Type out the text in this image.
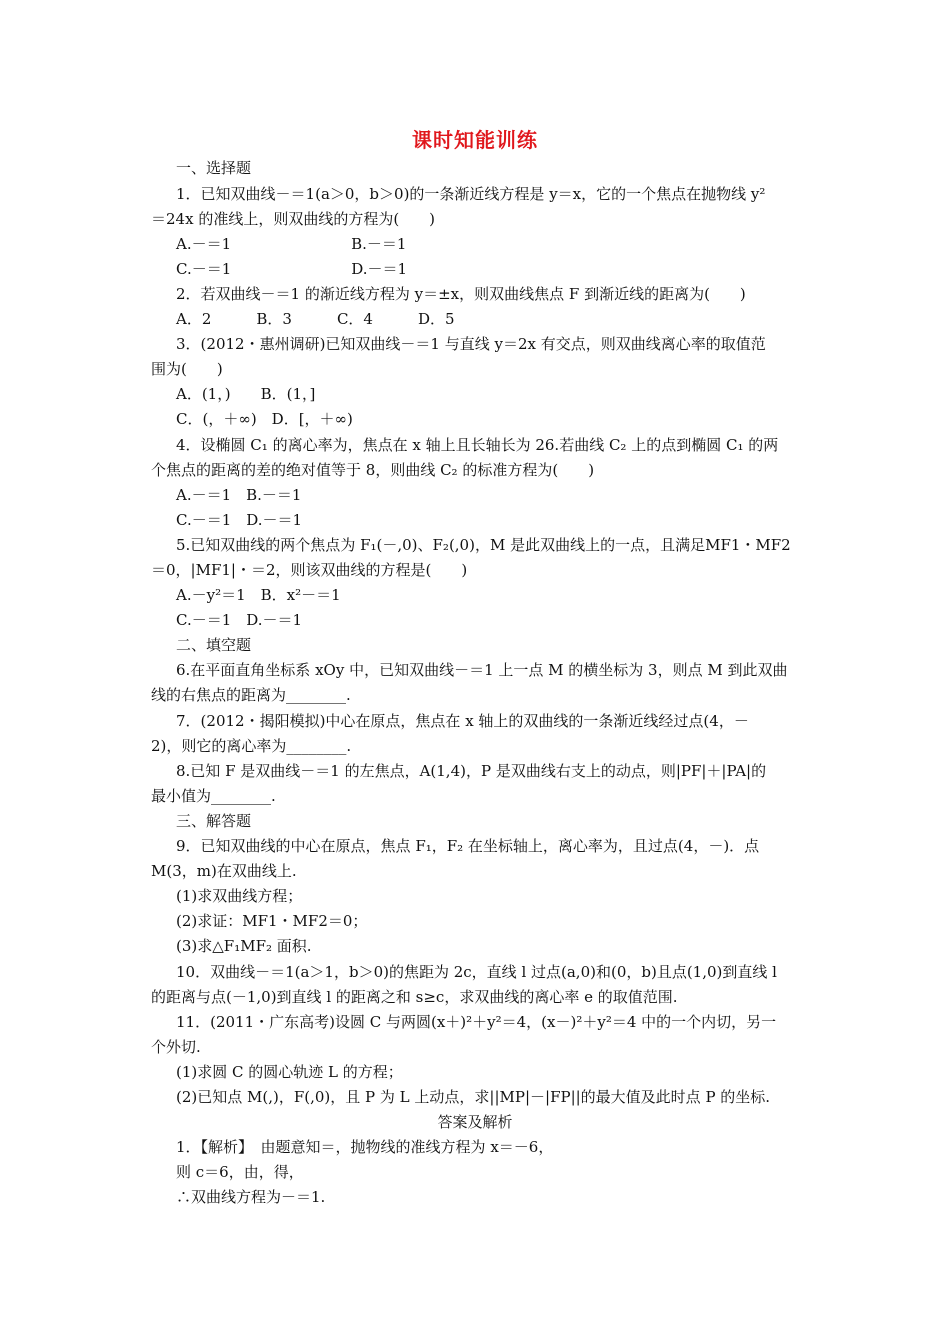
课时知能训练
一、选择题
1．已知双曲线－＝1(a＞0，b＞0)的一条渐近线方程是 y＝x，它的一个焦点在抛物线 y²
＝24x 的准线上，则双曲线的方程为(　　)
A.－＝1　　　　　　　　B.－＝1
C.－＝1　　　　　　　　D.－＝1
2．若双曲线－＝1 的渐近线方程为 y＝±x，则双曲线焦点 F 到渐近线的距离为(　　)
A．2　　　B．3　　　C．4　　　D．5
3．(2012・惠州调研)已知双曲线－＝1 与直线 y＝2x 有交点，则双曲线离心率的取值范
围为(　　)
A．(1，)　　B．(1，]
C．(，＋∞)　D．[，＋∞)
4．设椭圆 C₁ 的离心率为，焦点在 x 轴上且长轴长为 26.若曲线 C₂ 上的点到椭圆 C₁ 的两
个焦点的距离的差的绝对值等于 8，则曲线 C₂ 的标准方程为(　　)
A.－＝1　B.－＝1
C.－＝1　D.－＝1
5.已知双曲线的两个焦点为 F₁(－,0)、F₂(,0)，M 是此双曲线上的一点，且满足MF1・MF2
＝0，|MF1|・＝2，则该双曲线的方程是(　　)
A.－y²＝1　B．x²－＝1
C.－＝1　D.－＝1
二、填空题
6.在平面直角坐标系 xOy 中，已知双曲线－＝1 上一点 M 的横坐标为 3，则点 M 到此双曲
线的右焦点的距离为________.
7．(2012・揭阳模拟)中心在原点，焦点在 x 轴上的双曲线的一条渐近线经过点(4，－
2)，则它的离心率为________.
8.已知 F 是双曲线－＝1 的左焦点，A(1,4)，P 是双曲线右支上的动点，则|PF|＋|PA|的
最小值为________.
三、解答题
9．已知双曲线的中心在原点，焦点 F₁，F₂ 在坐标轴上，离心率为，且过点(4，－)．点
M(3，m)在双曲线上.
(1)求双曲线方程；
(2)求证：MF1・MF2＝0；
(3)求△F₁MF₂ 面积.
10．双曲线－＝1(a＞1，b＞0)的焦距为 2c，直线 l 过点(a,0)和(0，b)且点(1,0)到直线 l
的距离与点(－1,0)到直线 l 的距离之和 s≥c，求双曲线的离心率 e 的取值范围.
11．(2011・广东高考)设圆 C 与两圆(x＋)²＋y²＝4，(x－)²＋y²＝4 中的一个内切，另一
个外切.
(1)求圆 C 的圆心轨迹 L 的方程；
(2)已知点 M(,)，F(,0)，且 P 为 L 上动点，求||MP|－|FP||的最大值及此时点 P 的坐标.
答案及解析
1．【解析】　由题意知＝，抛物线的准线方程为 x＝－6，
则 c＝6，由，得，
∴双曲线方程为－＝1.
